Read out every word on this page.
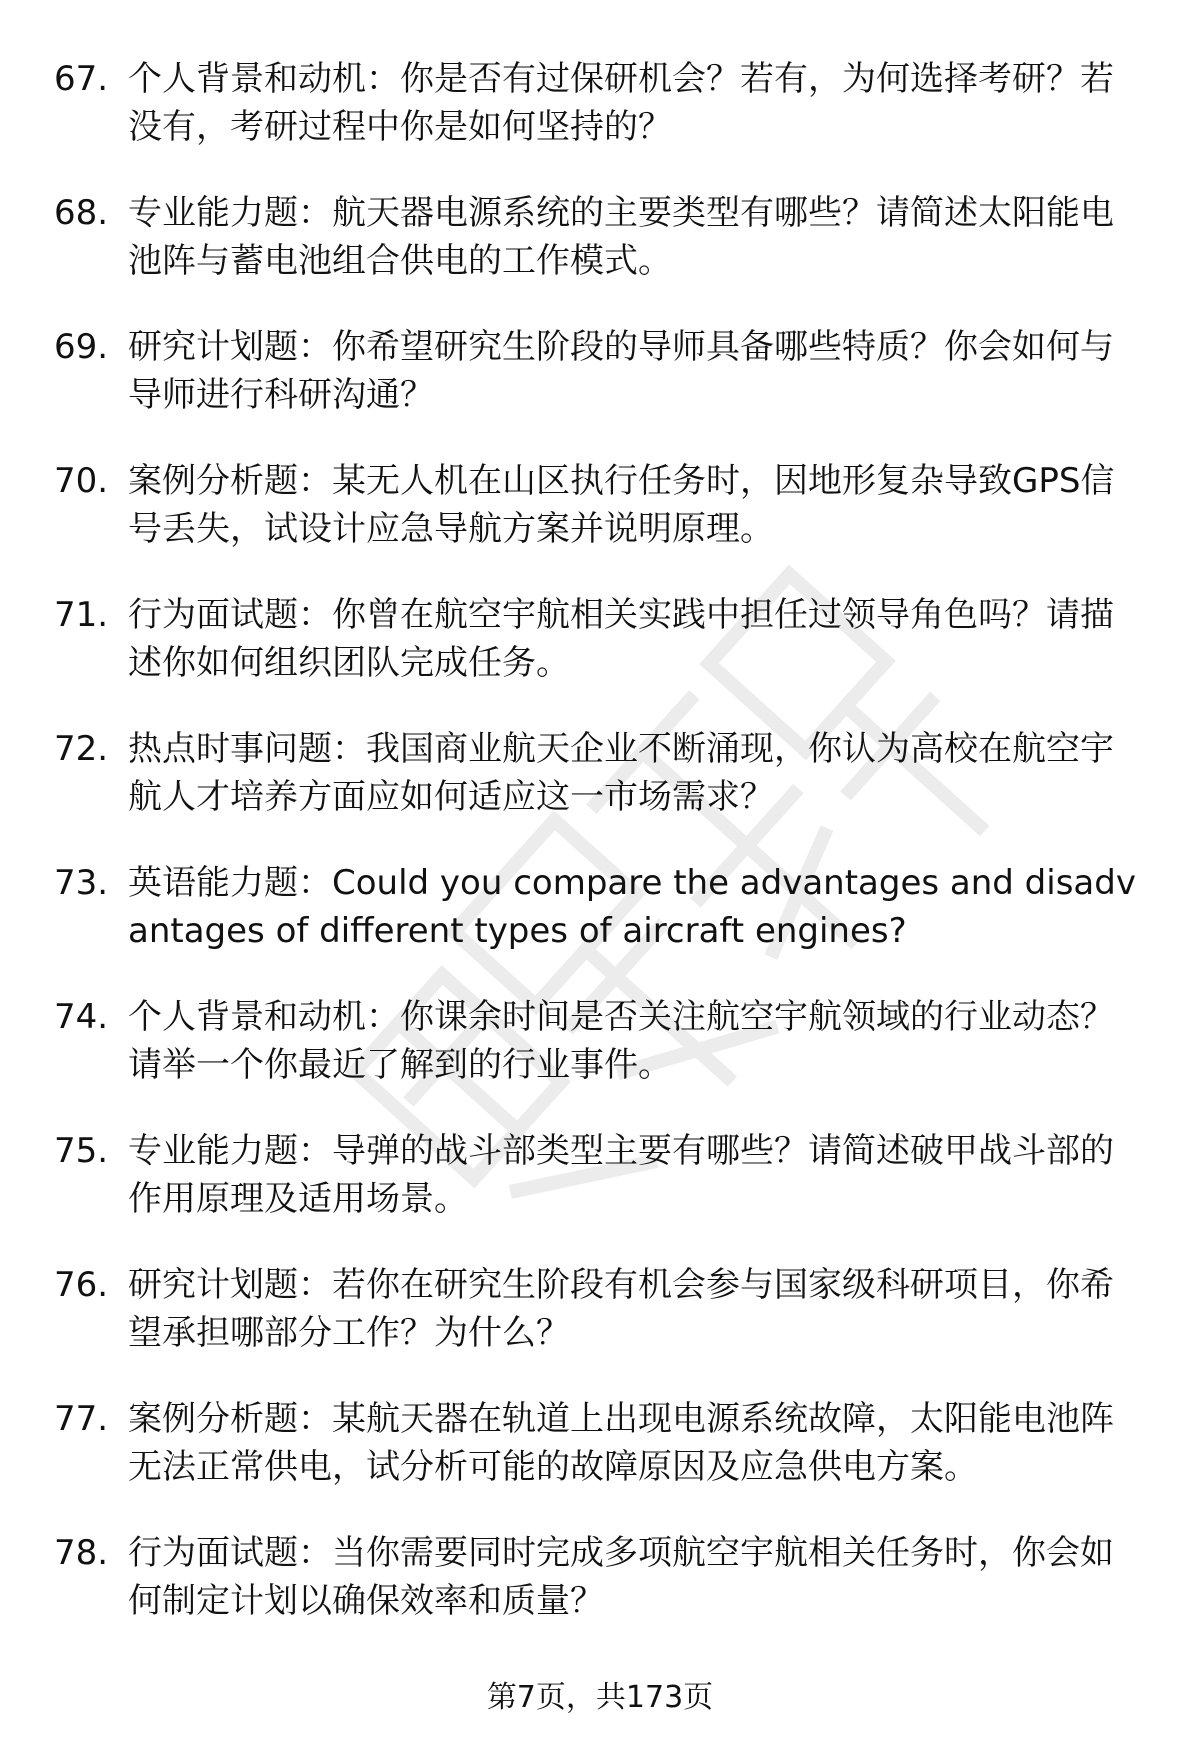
67. 个人背景和动机：你是否有过保研机会？若有，为何选择考研？若没有，考研过程中你是如何坚持的？
68. 专业能力题：航天器电源系统的主要类型有哪些？请简述太阳能电池阵与蓄电池组合供电的工作模式。
69. 研究计划题：你希望研究生阶段的导师具备哪些特质？你会如何与导师进行科研沟通？
70. 案例分析题：某无人机在山区执行任务时，因地形复杂导致GPS信号丢失，试设计应急导航方案并说明原理。
71. 行为面试题：你曾在航空宇航相关实践中担任过领导角色吗？请描述你如何组织团队完成任务。
72. 热点时事问题：我国商业航天企业不断涌现，你认为高校在航空宇航人才培养方面应如何适应这一市场需求？
73. 英语能力题：Could you compare the advantages and disadvantages of different types of aircraft engines?
74. 个人背景和动机：你课余时间是否关注航空宇航领域的行业动态？请举一个你最近了解到的行业事件。
75. 专业能力题：导弹的战斗部类型主要有哪些？请简述破甲战斗部的作用原理及适用场景。
76. 研究计划题：若你在研究生阶段有机会参与国家级科研项目，你希望承担哪部分工作？为什么？
77. 案例分析题：某航天器在轨道上出现电源系统故障，太阳能电池阵无法正常供电，试分析可能的故障原因及应急供电方案。
78. 行为面试题：当你需要同时完成多项航空宇航相关任务时，你会如何制定计划以确保效率和质量？
第7页，共173页
